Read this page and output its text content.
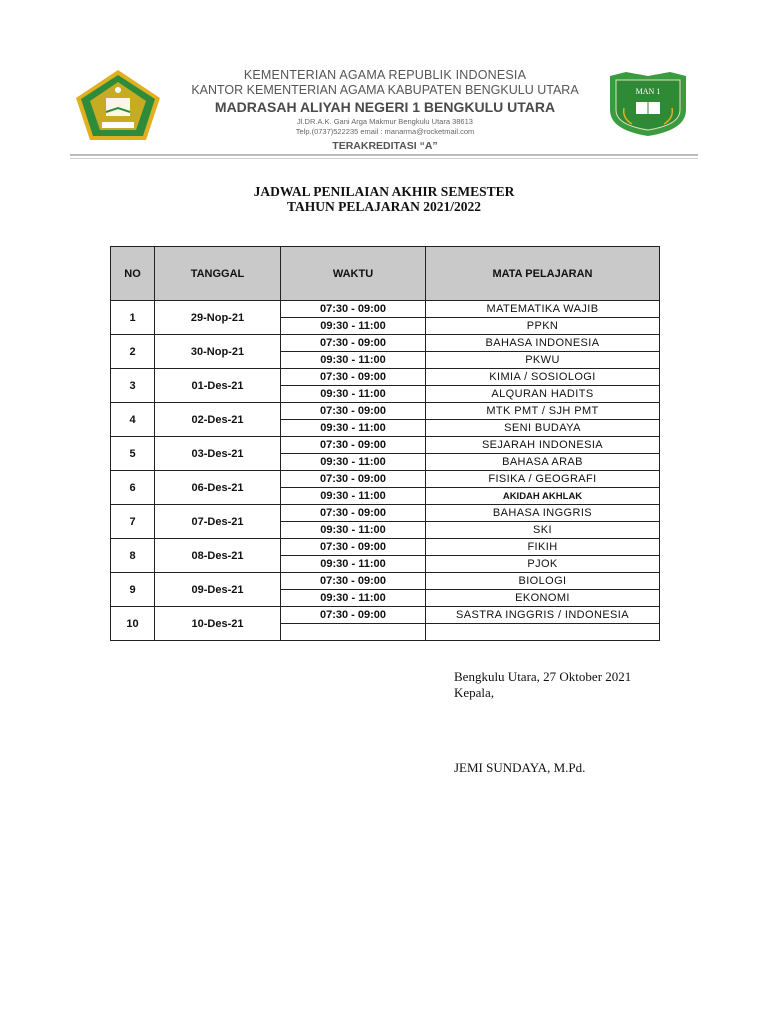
MAN 1
KEMENTERIAN AGAMA REPUBLIK INDONESIA
KANTOR KEMENTERIAN AGAMA KABUPATEN BENGKULU UTARA
MADRASAH ALIYAH NEGERI 1 BENGKULU UTARA
Jl.DR.A.K. Gani Arga Makmur Bengkulu Utara 38613
Telp.(0737)522235 email : manarma@rocketmail.com
TERAKREDITASI “A”
JADWAL PENILAIAN AKHIR SEMESTER
TAHUN PELAJARAN 2021/2022
NO	TANGGAL	WAKTU	MATA PELAJARAN
1	29-Nop-21	07:30 - 09:00	MATEMATIKA WAJIB
		09:30 - 11:00	PPKN
2	30-Nop-21	07:30 - 09:00	BAHASA INDONESIA
		09:30 - 11:00	PKWU
3	01-Des-21	07:30 - 09:00	KIMIA / SOSIOLOGI
		09:30 - 11:00	ALQURAN HADITS
4	02-Des-21	07:30 - 09:00	MTK PMT / SJH PMT
		09:30 - 11:00	SENI BUDAYA
5	03-Des-21	07:30 - 09:00	SEJARAH INDONESIA
		09:30 - 11:00	BAHASA ARAB
6	06-Des-21	07:30 - 09:00	FISIKA / GEOGRAFI
		09:30 - 11:00	AKIDAH AKHLAK
7	07-Des-21	07:30 - 09:00	BAHASA INGGRIS
		09:30 - 11:00	SKI
8	08-Des-21	07:30 - 09:00	FIKIH
		09:30 - 11:00	PJOK
9	09-Des-21	07:30 - 09:00	BIOLOGI
		09:30 - 11:00	EKONOMI
10	10-Des-21	07:30 - 09:00	SASTRA INGGRIS / INDONESIA

Bengkulu Utara, 27 Oktober 2021
Kepala,
JEMI SUNDAYA, M.Pd.
